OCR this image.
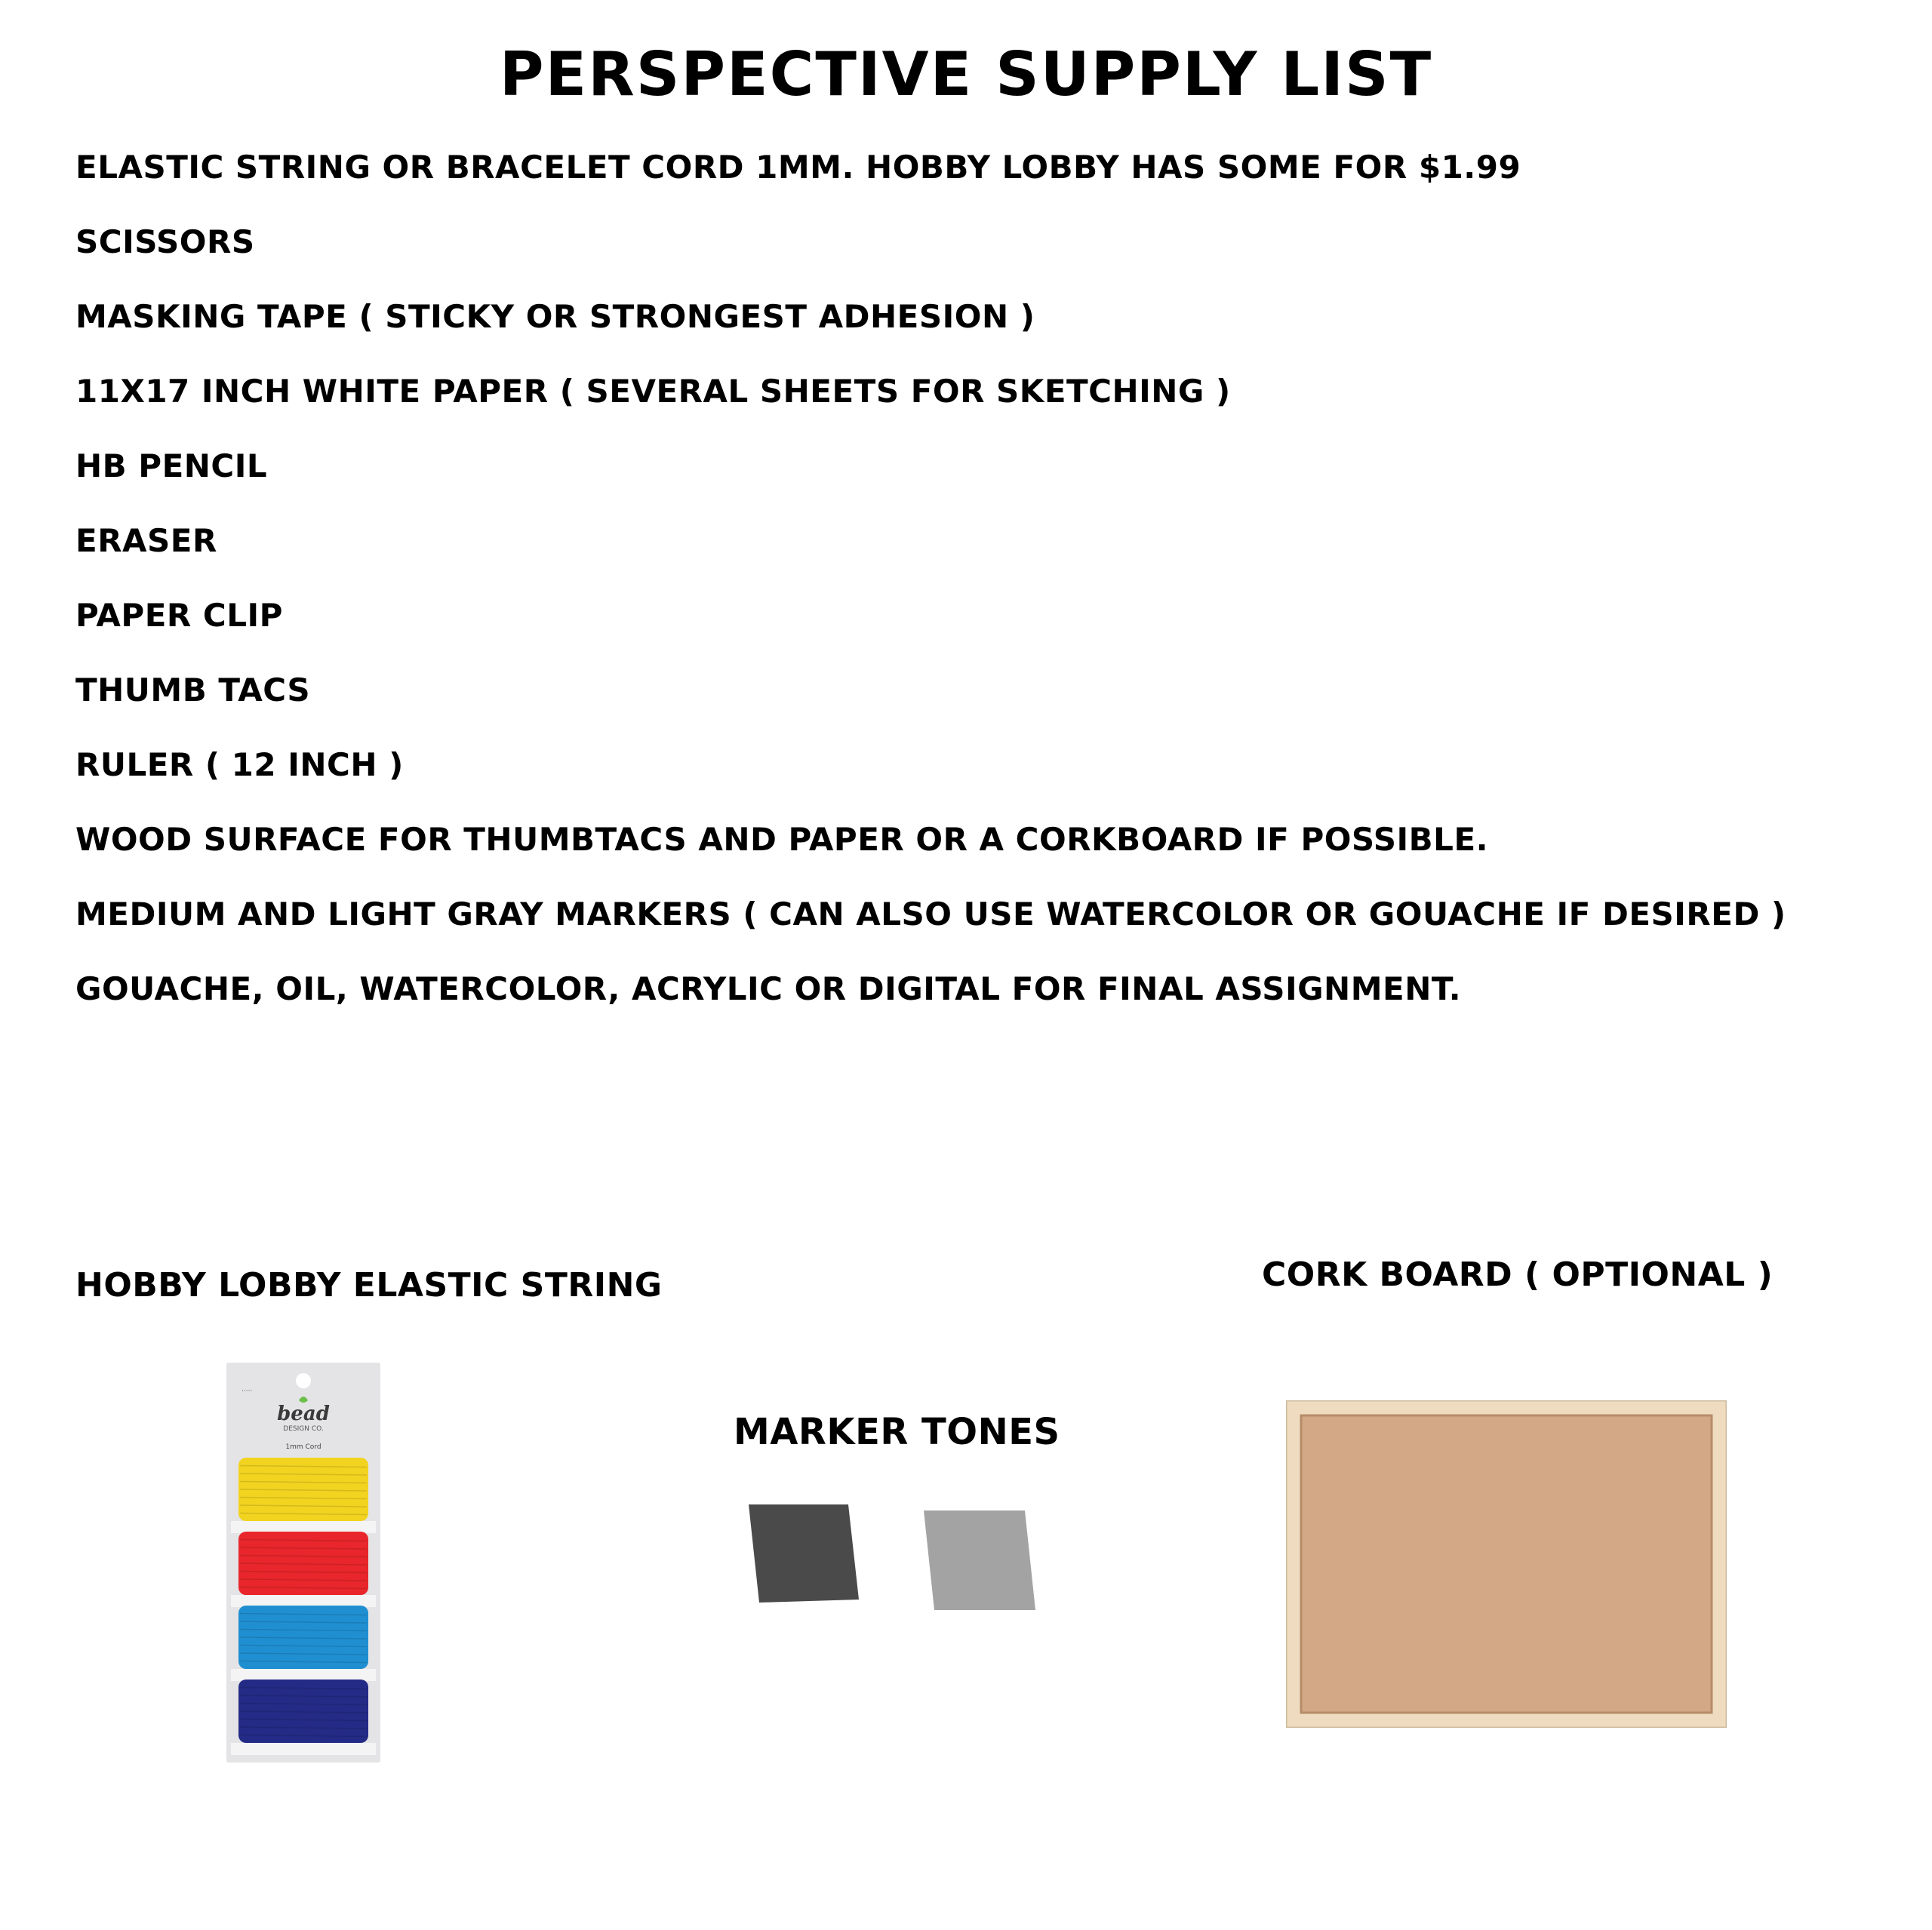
PERSPECTIVE SUPPLY LIST
ELASTIC STRING OR BRACELET CORD 1MM. HOBBY LOBBY HAS SOME FOR $1.99
SCISSORS
MASKING TAPE ( STICKY OR STRONGEST ADHESION )
11X17 INCH WHITE PAPER ( SEVERAL SHEETS FOR SKETCHING )
HB PENCIL
ERASER
PAPER CLIP
THUMB TACS
RULER ( 12 INCH )
WOOD SURFACE FOR THUMBTACS AND PAPER OR A CORKBOARD IF POSSIBLE.
MEDIUM AND LIGHT GRAY MARKERS ( CAN ALSO USE WATERCOLOR OR GOUACHE IF DESIRED )
GOUACHE, OIL, WATERCOLOR, ACRYLIC OR DIGITAL FOR FINAL ASSIGNMENT.
HOBBY LOBBY ELASTIC STRING
MARKER TONES
CORK BOARD ( OPTIONAL )
·····
bead
DESIGN CO.
1mm Cord
